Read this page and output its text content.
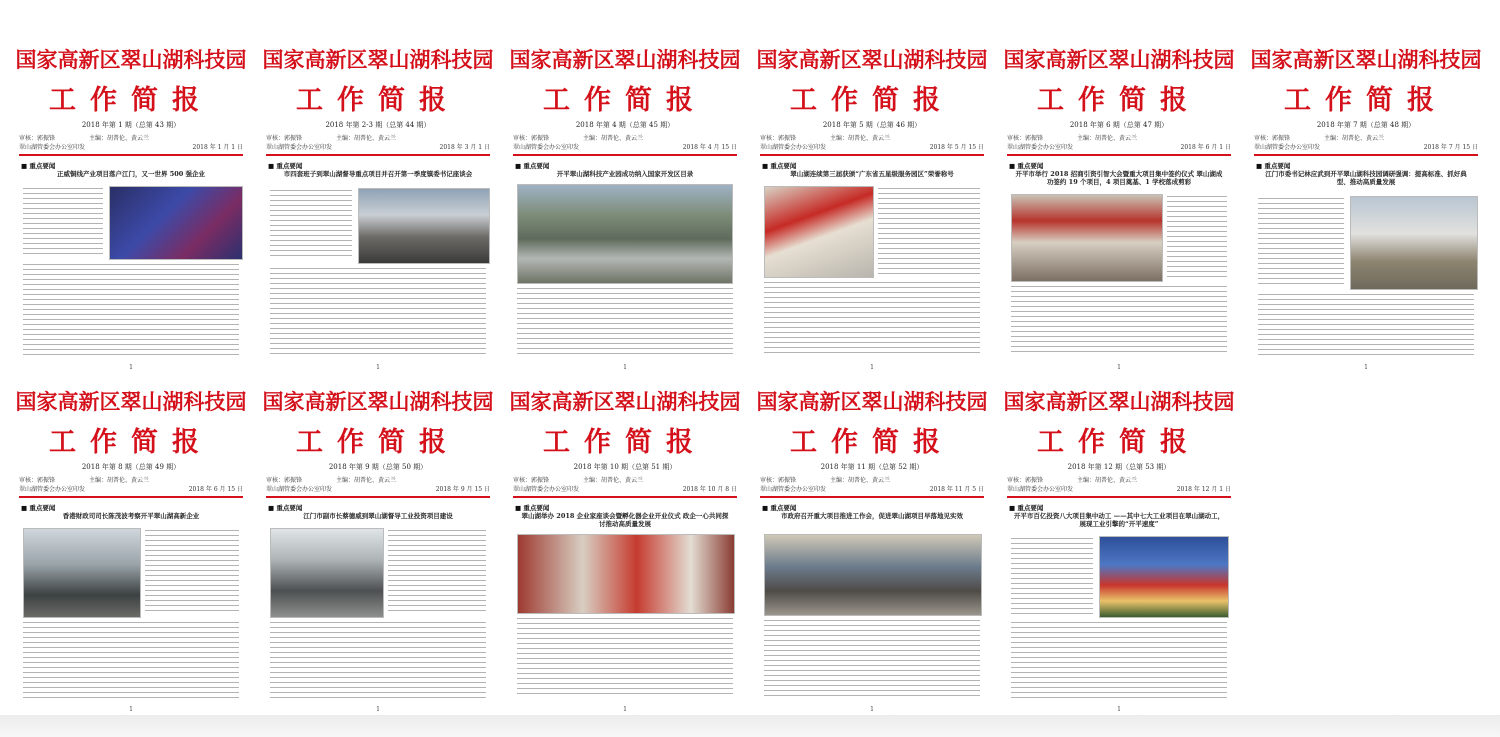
国家高新区翠山湖科技园
工作简报
2018 年第 1 期（总第 43 期）
审核：郭振锋	主编：胡普伦、黄云兰
翠山湖管委会办公室印发	2018 年 1 月 1 日
■ 重点要闻
正威铜线产业项目落户江门，又一世界 500 强企业
1
国家高新区翠山湖科技园
工作简报
2018 年第 2-3 期（总第 44 期）
审核：郭振锋	主编：胡普伦、黄云兰
翠山湖管委会办公室印发	2018 年 3 月 1 日
■ 重点要闻
市四套班子到翠山湖督导重点项目并召开第一季度镇委书记座谈会
1
国家高新区翠山湖科技园
工作简报
2018 年第 4 期（总第 45 期）
审核：郭振锋	主编：胡普伦、黄云兰
翠山湖管委会办公室印发	2018 年 4 月 15 日
■ 重点要闻
开平翠山湖科技产业园成功纳入国家开发区目录
1
国家高新区翠山湖科技园
工作简报
2018 年第 5 期（总第 46 期）
审核：郭振锋	主编：胡普伦、黄云兰
翠山湖管委会办公室印发	2018 年 5 月 15 日
■ 重点要闻
翠山湖连续第三届获颁“广东省五星级服务园区”荣誉称号
1
国家高新区翠山湖科技园
工作简报
2018 年第 6 期（总第 47 期）
审核：郭振锋	主编：胡普伦、黄云兰
翠山湖管委会办公室印发	2018 年 6 月 1 日
■ 重点要闻
开平市举行 2018 招商引资引智大会暨重大项目集中签约仪式 翠山湖成功签约 19 个项目，4 项目奠基、1 学校落成剪彩
1
国家高新区翠山湖科技园
工作简报
2018 年第 7 期（总第 48 期）
审核：郭振锋	主编：胡普伦、黄云兰
翠山湖管委会办公室印发	2018 年 7 月 15 日
■ 重点要闻
江门市委书记林应武到开平翠山湖科技园调研强调：提高标准、抓好典型、推动高质量发展
1
国家高新区翠山湖科技园
工作简报
2018 年第 8 期（总第 49 期）
审核：郭振锋	主编：胡普伦、黄云兰
翠山湖管委会办公室印发	2018 年 6 月 15 日
■ 重点要闻
香港财政司司长陈茂波考察开平翠山湖高新企业
1
国家高新区翠山湖科技园
工作简报
2018 年第 9 期（总第 50 期）
审核：郭振锋	主编：胡普伦、黄云兰
翠山湖管委会办公室印发	2018 年 9 月 15 日
■ 重点要闻
江门市副市长蔡德威到翠山湖督导工业投资项目建设
1
国家高新区翠山湖科技园
工作简报
2018 年第 10 期（总第 51 期）
审核：郭振锋	主编：胡普伦、黄云兰
翠山湖管委会办公室印发	2018 年 10 月 8 日
■ 重点要闻
翠山湖举办 2018 企业家座谈会暨孵化器企业开业仪式 政企一心共同探讨推动高质量发展
1
国家高新区翠山湖科技园
工作简报
2018 年第 11 期（总第 52 期）
审核：郭振锋	主编：胡普伦、黄云兰
翠山湖管委会办公室印发	2018 年 11 月 5 日
■ 重点要闻
市政府召开重大项目推进工作会，促进翠山湖项目早落地见实效
1
国家高新区翠山湖科技园
工作简报
2018 年第 12 期（总第 53 期）
审核：郭振锋	主编：胡普伦、黄云兰
翠山湖管委会办公室印发	2018 年 12 月 1 日
■ 重点要闻
开平市百亿投资八大项目集中动工 ——其中七大工业项目在翠山湖动工，展现工业引擎的“开平速度”
1
